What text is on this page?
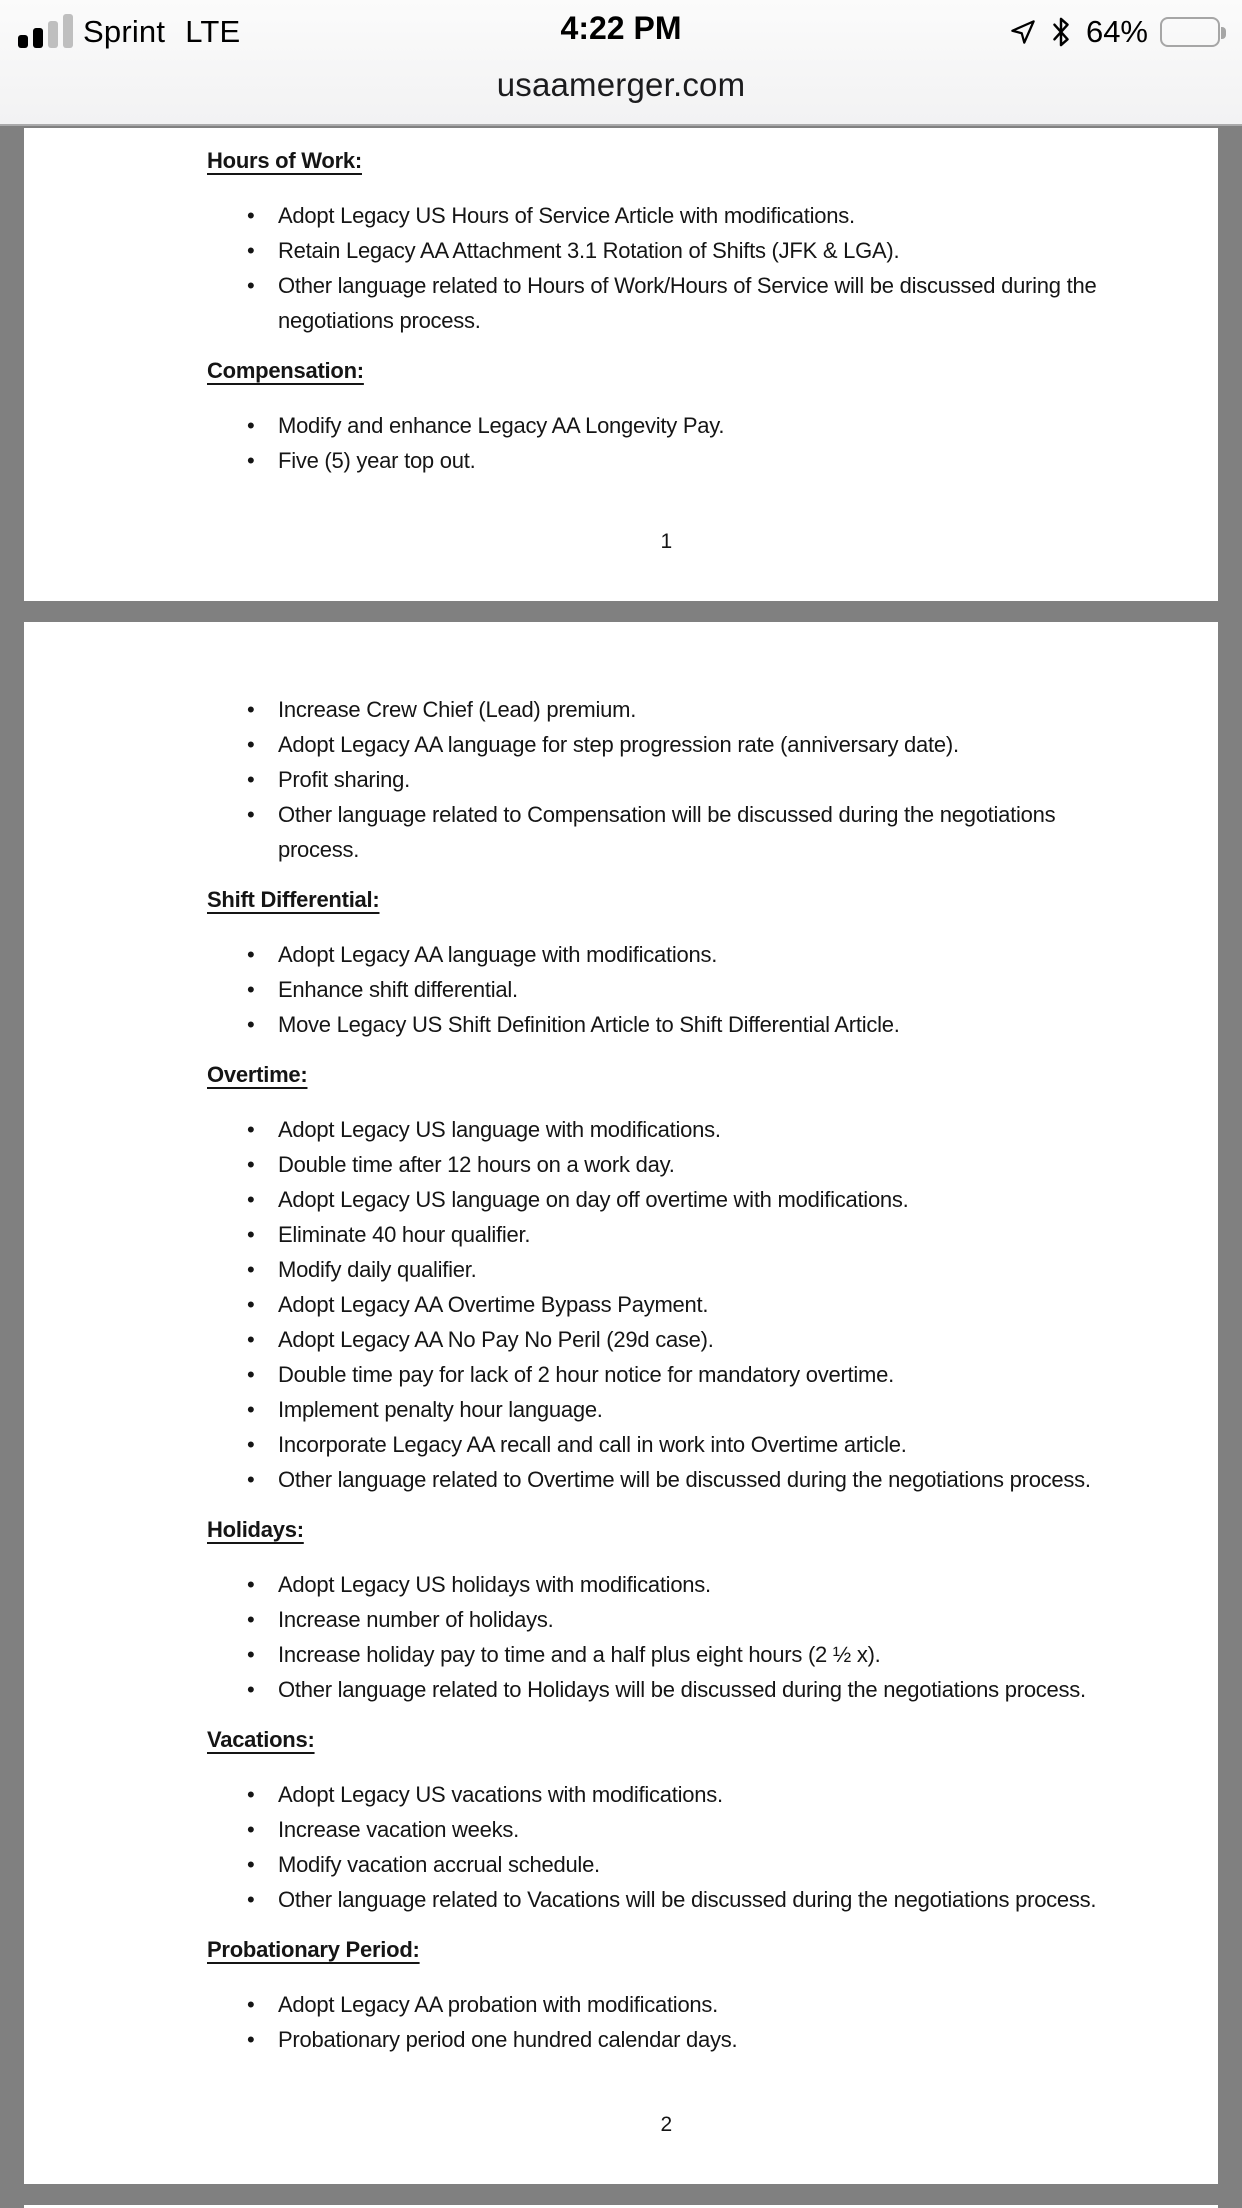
Sprint LTE	4:22 PM	64%
usaamerger.com
Hours of Work:
•	Adopt Legacy US Hours of Service Article with modifications.
•	Retain Legacy AA Attachment 3.1 Rotation of Shifts (JFK & LGA).
•	Other language related to Hours of Work/Hours of Service will be discussed during the
negotiations process.
Compensation:
•	Modify and enhance Legacy AA Longevity Pay.
•	Five (5) year top out.
1
•	Increase Crew Chief (Lead) premium.
•	Adopt Legacy AA language for step progression rate (anniversary date).
•	Profit sharing.
•	Other language related to Compensation will be discussed during the negotiations
process.
Shift Differential:
•	Adopt Legacy AA language with modifications.
•	Enhance shift differential.
•	Move Legacy US Shift Definition Article to Shift Differential Article.
Overtime:
•	Adopt Legacy US language with modifications.
•	Double time after 12 hours on a work day.
•	Adopt Legacy US language on day off overtime with modifications.
•	Eliminate 40 hour qualifier.
•	Modify daily qualifier.
•	Adopt Legacy AA Overtime Bypass Payment.
•	Adopt Legacy AA No Pay No Peril (29d case).
•	Double time pay for lack of 2 hour notice for mandatory overtime.
•	Implement penalty hour language.
•	Incorporate Legacy AA recall and call in work into Overtime article.
•	Other language related to Overtime will be discussed during the negotiations process.
Holidays:
•	Adopt Legacy US holidays with modifications.
•	Increase number of holidays.
•	Increase holiday pay to time and a half plus eight hours (2 ½ x).
•	Other language related to Holidays will be discussed during the negotiations process.
Vacations:
•	Adopt Legacy US vacations with modifications.
•	Increase vacation weeks.
•	Modify vacation accrual schedule.
•	Other language related to Vacations will be discussed during the negotiations process.
Probationary Period:
•	Adopt Legacy AA probation with modifications.
•	Probationary period one hundred calendar days.
2
